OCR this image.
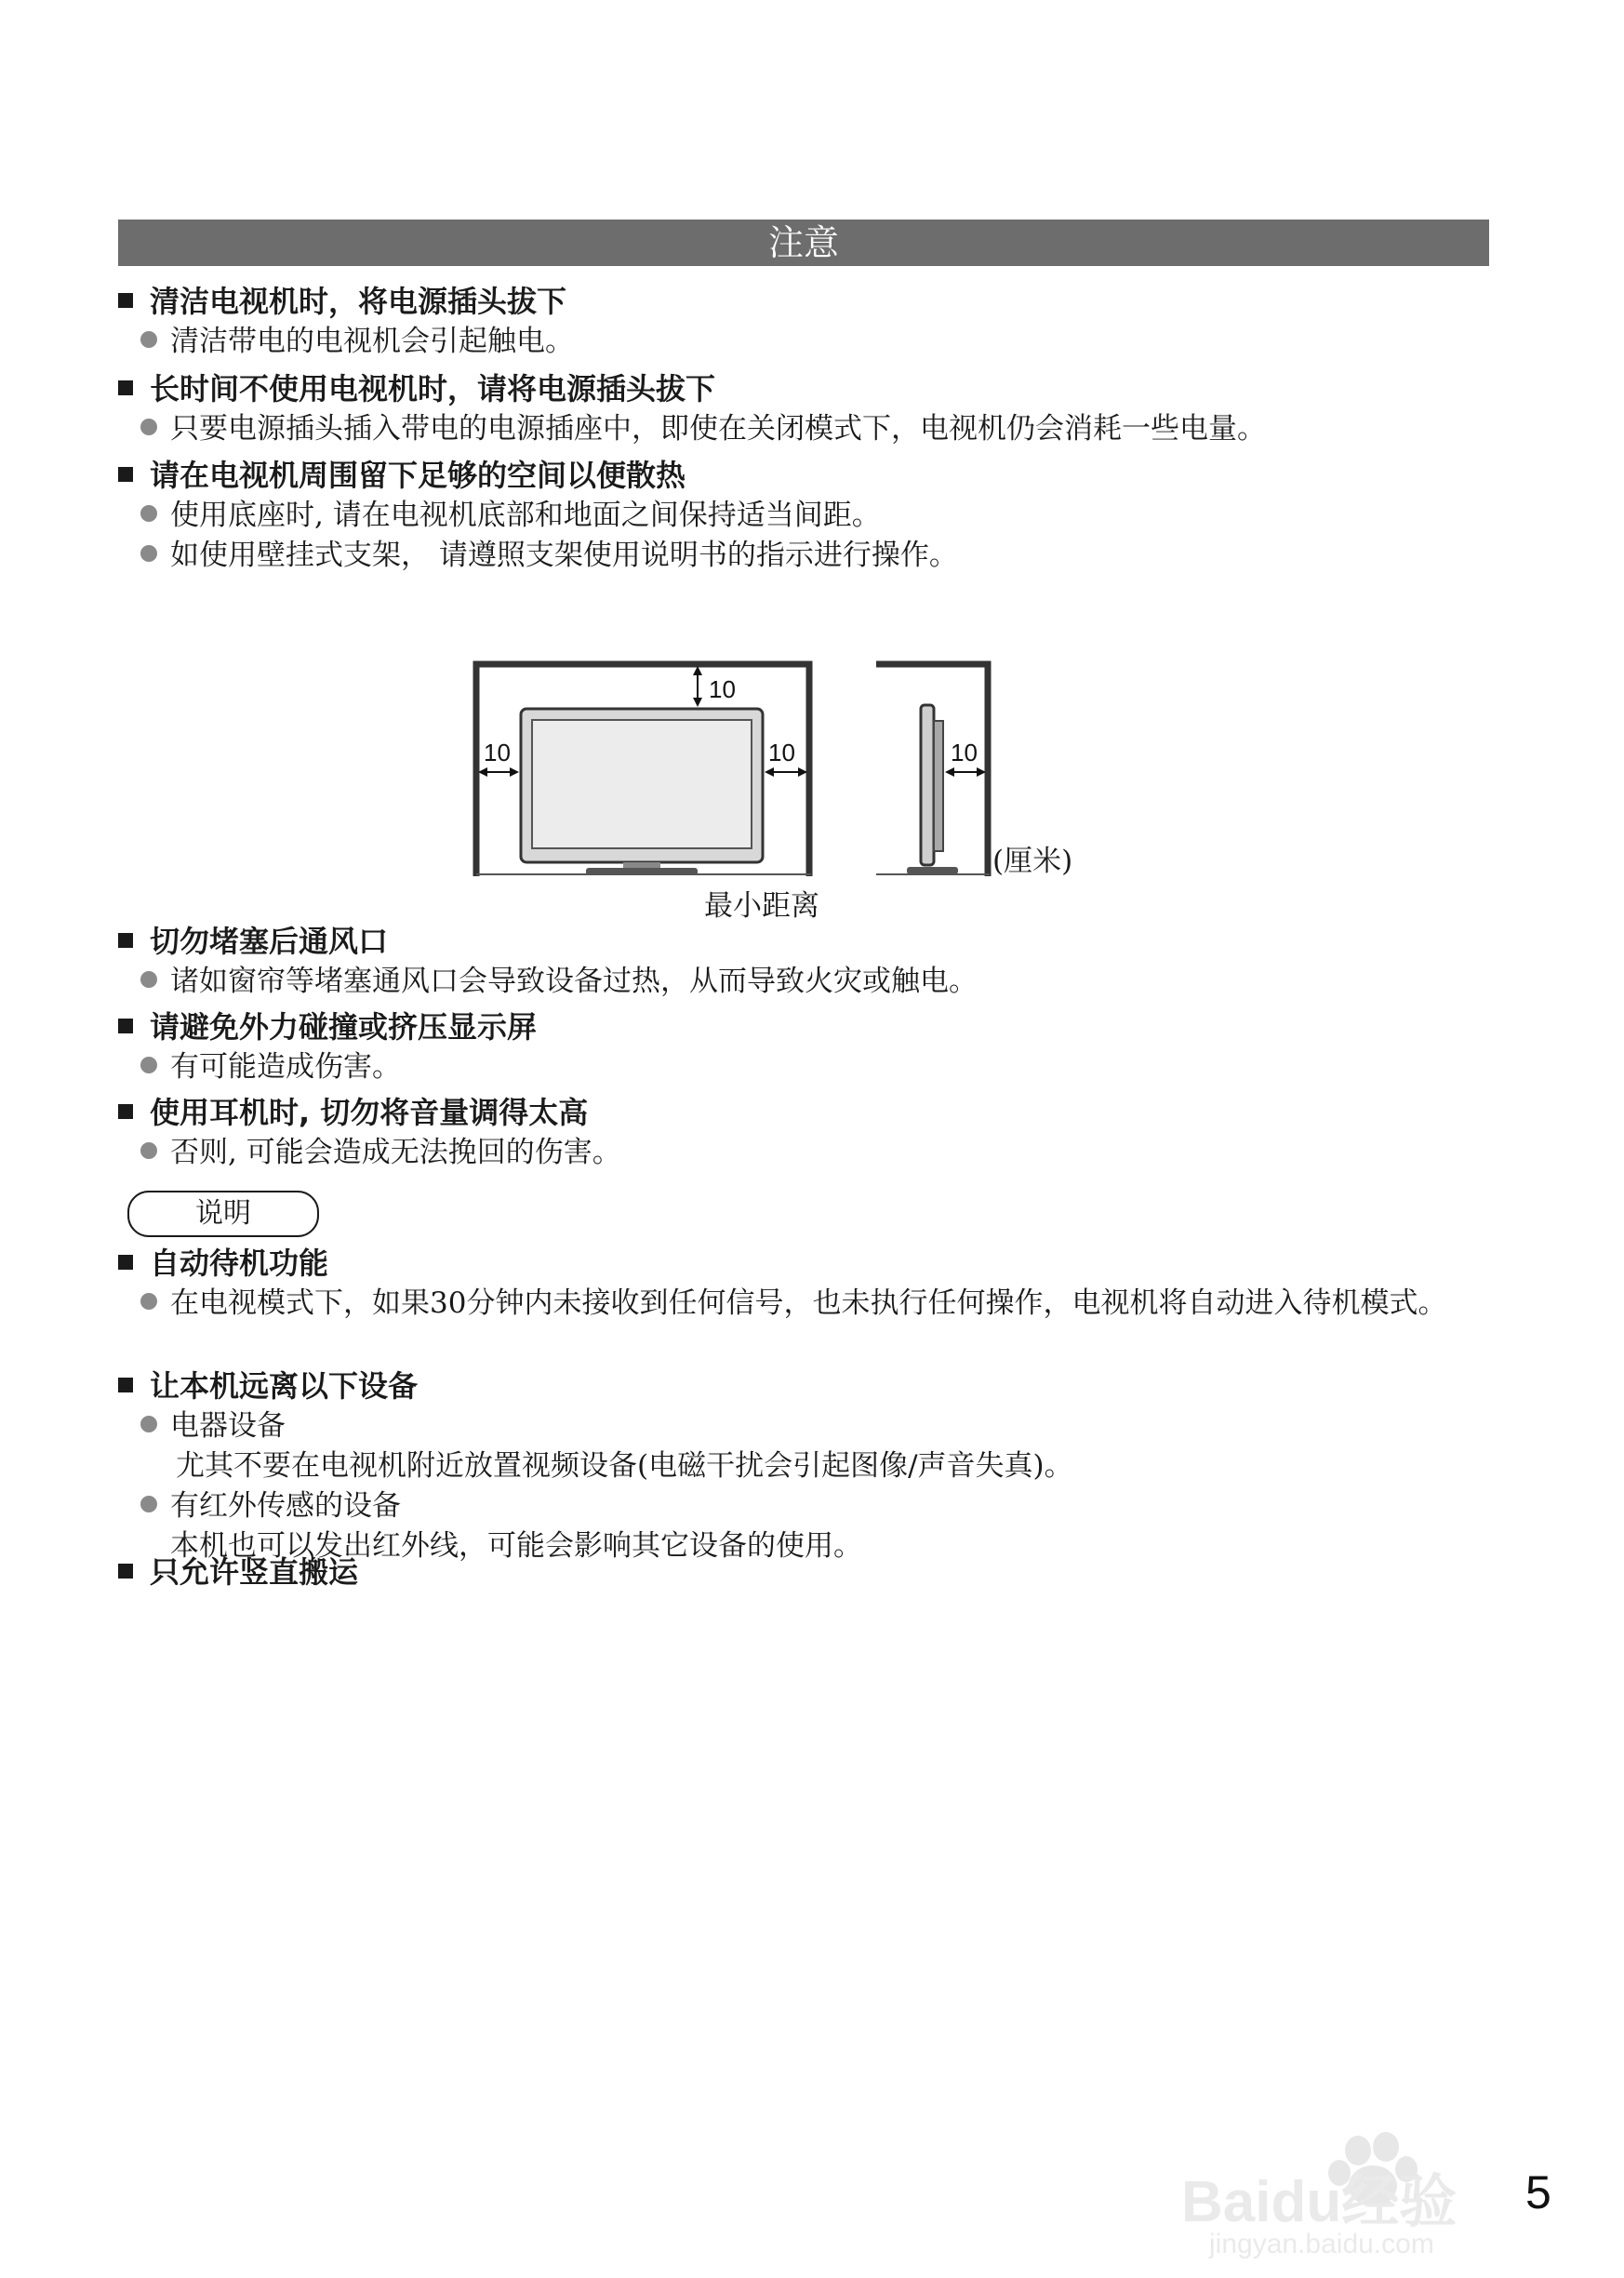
注意
清洁电视机时，将电源插头拔下
清洁带电的电视机会引起触电。
长时间不使用电视机时，请将电源插头拔下
只要电源插头插入带电的电源插座中，即使在关闭模式下，电视机仍会消耗一些电量。
请在电视机周围留下足够的空间以便散热
使用底座时, 请在电视机底部和地面之间保持适当间距。
如使用壁挂式支架， 请遵照支架使用说明书的指示进行操作。
10
10	10	10
(厘米)
最小距离
切勿堵塞后通风口
诸如窗帘等堵塞通风口会导致设备过热，从而导致火灾或触电。
请避免外力碰撞或挤压显示屏
有可能造成伤害。
使用耳机时, 切勿将音量调得太高
否则, 可能会造成无法挽回的伤害。
说明
自动待机功能
在电视模式下，如果30分钟内未接收到任何信号，也未执行任何操作，电视机将自动进入待机模式。
让本机远离以下设备
电器设备
尤其不要在电视机附近放置视频设备(电磁干扰会引起图像/声音失真)。
有红外传感的设备
本机也可以发出红外线，可能会影响其它设备的使用。
只允许竖直搬运
Baidu经验
jingyan.baidu.com
5
